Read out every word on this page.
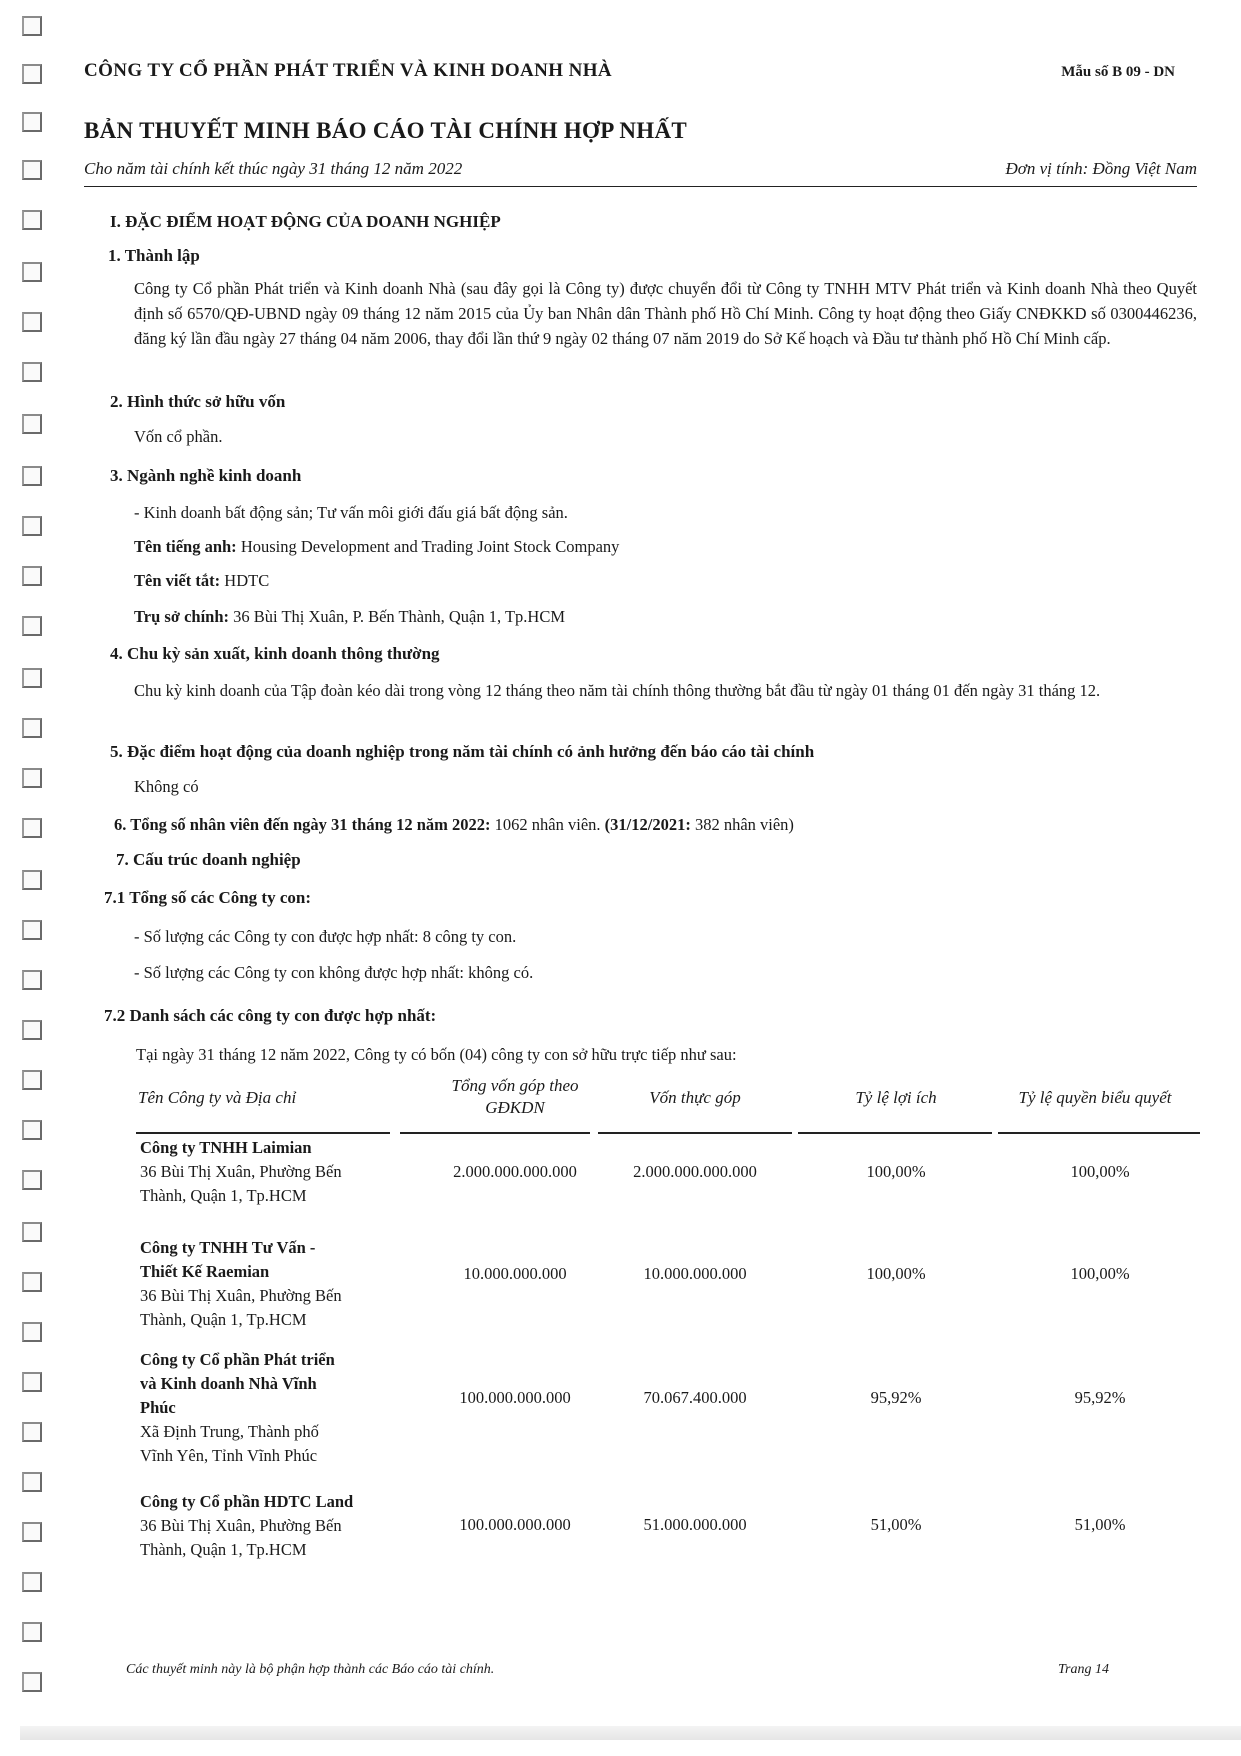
CÔNG TY CỔ PHẦN PHÁT TRIỂN VÀ KINH DOANH NHÀ	Mẫu số B 09 - DN
BẢN THUYẾT MINH BÁO CÁO TÀI CHÍNH HỢP NHẤT
Cho năm tài chính kết thúc ngày 31 tháng 12 năm 2022	Đơn vị tính: Đồng Việt Nam
I. ĐẶC ĐIỂM HOẠT ĐỘNG CỦA DOANH NGHIỆP
1. Thành lập
Công ty Cổ phần Phát triển và Kinh doanh Nhà (sau đây gọi là Công ty) được chuyển đổi từ Công ty TNHH MTV Phát triển và Kinh doanh Nhà theo Quyết định số 6570/QĐ-UBND ngày 09 tháng 12 năm 2015 của Ủy ban Nhân dân Thành phố Hồ Chí Minh. Công ty hoạt động theo Giấy CNĐKKD số 0300446236, đăng ký lần đầu ngày 27 tháng 04 năm 2006, thay đổi lần thứ 9 ngày 02 tháng 07 năm 2019 do Sở Kế hoạch và Đầu tư thành phố Hồ Chí Minh cấp.
2. Hình thức sở hữu vốn
Vốn cổ phần.
3. Ngành nghề kinh doanh
- Kinh doanh bất động sản; Tư vấn môi giới đấu giá bất động sản.
Tên tiếng anh: Housing Development and Trading Joint Stock Company
Tên viết tắt: HDTC
Trụ sở chính: 36 Bùi Thị Xuân, P. Bến Thành, Quận 1, Tp.HCM
4. Chu kỳ sản xuất, kinh doanh thông thường
Chu kỳ kinh doanh của Tập đoàn kéo dài trong vòng 12 tháng theo năm tài chính thông thường bắt đầu từ ngày 01 tháng 01 đến ngày 31 tháng 12.
5. Đặc điểm hoạt động của doanh nghiệp trong năm tài chính có ảnh hưởng đến báo cáo tài chính
Không có
6. Tổng số nhân viên đến ngày 31 tháng 12 năm 2022: 1062 nhân viên. (31/12/2021: 382 nhân viên)
7. Cấu trúc doanh nghiệp
7.1 Tổng số các Công ty con:
- Số lượng các Công ty con được hợp nhất: 8 công ty con.
- Số lượng các Công ty con không được hợp nhất: không có.
7.2 Danh sách các công ty con được hợp nhất:
Tại ngày 31 tháng 12 năm 2022, Công ty có bốn (04) công ty con sở hữu trực tiếp như sau:
Tên Công ty và Địa chỉ
Tổng vốn góp theo
GĐKDN
Vốn thực góp	Tỷ lệ lợi ích	Tỷ lệ quyền biểu quyết
Công ty TNHH Laimian
36 Bùi Thị Xuân, Phường Bến
Thành, Quận 1, Tp.HCM
2.000.000.000.000	2.000.000.000.000	100,00%	100,00%
Công ty TNHH Tư Vấn -
Thiết Kế Raemian
36 Bùi Thị Xuân, Phường Bến
Thành, Quận 1, Tp.HCM
10.000.000.000	10.000.000.000	100,00%	100,00%
Công ty Cổ phần Phát triển
và Kinh doanh Nhà Vĩnh
Phúc
Xã Định Trung, Thành phố
Vĩnh Yên, Tỉnh Vĩnh Phúc
100.000.000.000	70.067.400.000	95,92%	95,92%
Công ty Cổ phần HDTC Land
36 Bùi Thị Xuân, Phường Bến
Thành, Quận 1, Tp.HCM
100.000.000.000	51.000.000.000	51,00%	51,00%
Các thuyết minh này là bộ phận hợp thành các Báo cáo tài chính.	Trang 14
